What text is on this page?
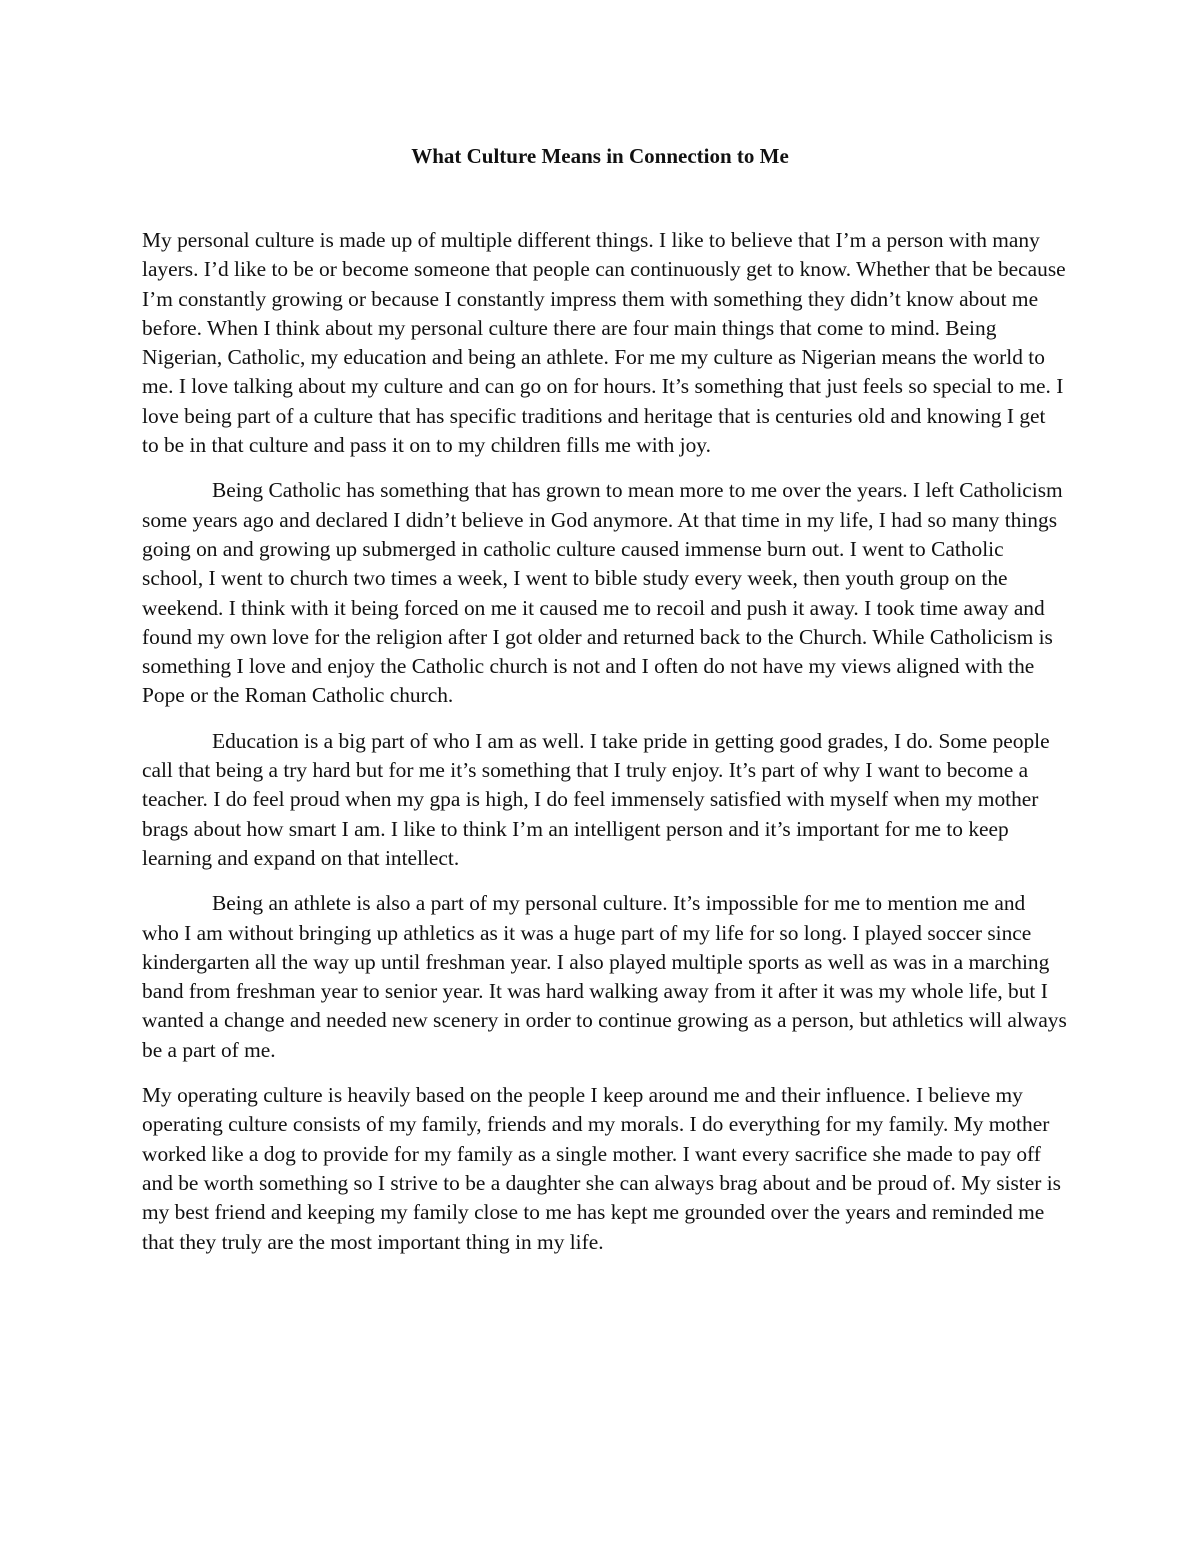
What Culture Means in Connection to Me

My personal culture is made up of multiple different things. I like to believe that I’m a person with many layers. I’d like to be or become someone that people can continuously get to know. Whether that be because I’m constantly growing or because I constantly impress them with something they didn’t know about me before. When I think about my personal culture there are four main things that come to mind. Being Nigerian, Catholic, my education and being an athlete. For me my culture as Nigerian means the world to me. I love talking about my culture and can go on for hours. It’s something that just feels so special to me. I love being part of a culture that has specific traditions and heritage that is centuries old and knowing I get to be in that culture and pass it on to my children fills me with joy.

Being Catholic has something that has grown to mean more to me over the years. I left Catholicism some years ago and declared I didn’t believe in God anymore. At that time in my life, I had so many things going on and growing up submerged in catholic culture caused immense burn out. I went to Catholic school, I went to church two times a week, I went to bible study every week, then youth group on the weekend. I think with it being forced on me it caused me to recoil and push it away. I took time away and found my own love for the religion after I got older and returned back to the Church. While Catholicism is something I love and enjoy the Catholic church is not and I often do not have my views aligned with the Pope or the Roman Catholic church.

Education is a big part of who I am as well. I take pride in getting good grades, I do. Some people call that being a try hard but for me it’s something that I truly enjoy. It’s part of why I want to become a teacher. I do feel proud when my gpa is high, I do feel immensely satisfied with myself when my mother brags about how smart I am. I like to think I’m an intelligent person and it’s important for me to keep learning and expand on that intellect.

Being an athlete is also a part of my personal culture. It’s impossible for me to mention me and who I am without bringing up athletics as it was a huge part of my life for so long. I played soccer since kindergarten all the way up until freshman year. I also played multiple sports as well as was in a marching band from freshman year to senior year. It was hard walking away from it after it was my whole life, but I wanted a change and needed new scenery in order to continue growing as a person, but athletics will always be a part of me.

My operating culture is heavily based on the people I keep around me and their influence. I believe my operating culture consists of my family, friends and my morals. I do everything for my family. My mother worked like a dog to provide for my family as a single mother. I want every sacrifice she made to pay off and be worth something so I strive to be a daughter she can always brag about and be proud of. My sister is my best friend and keeping my family close to me has kept me grounded over the years and reminded me that they truly are the most important thing in my life.
